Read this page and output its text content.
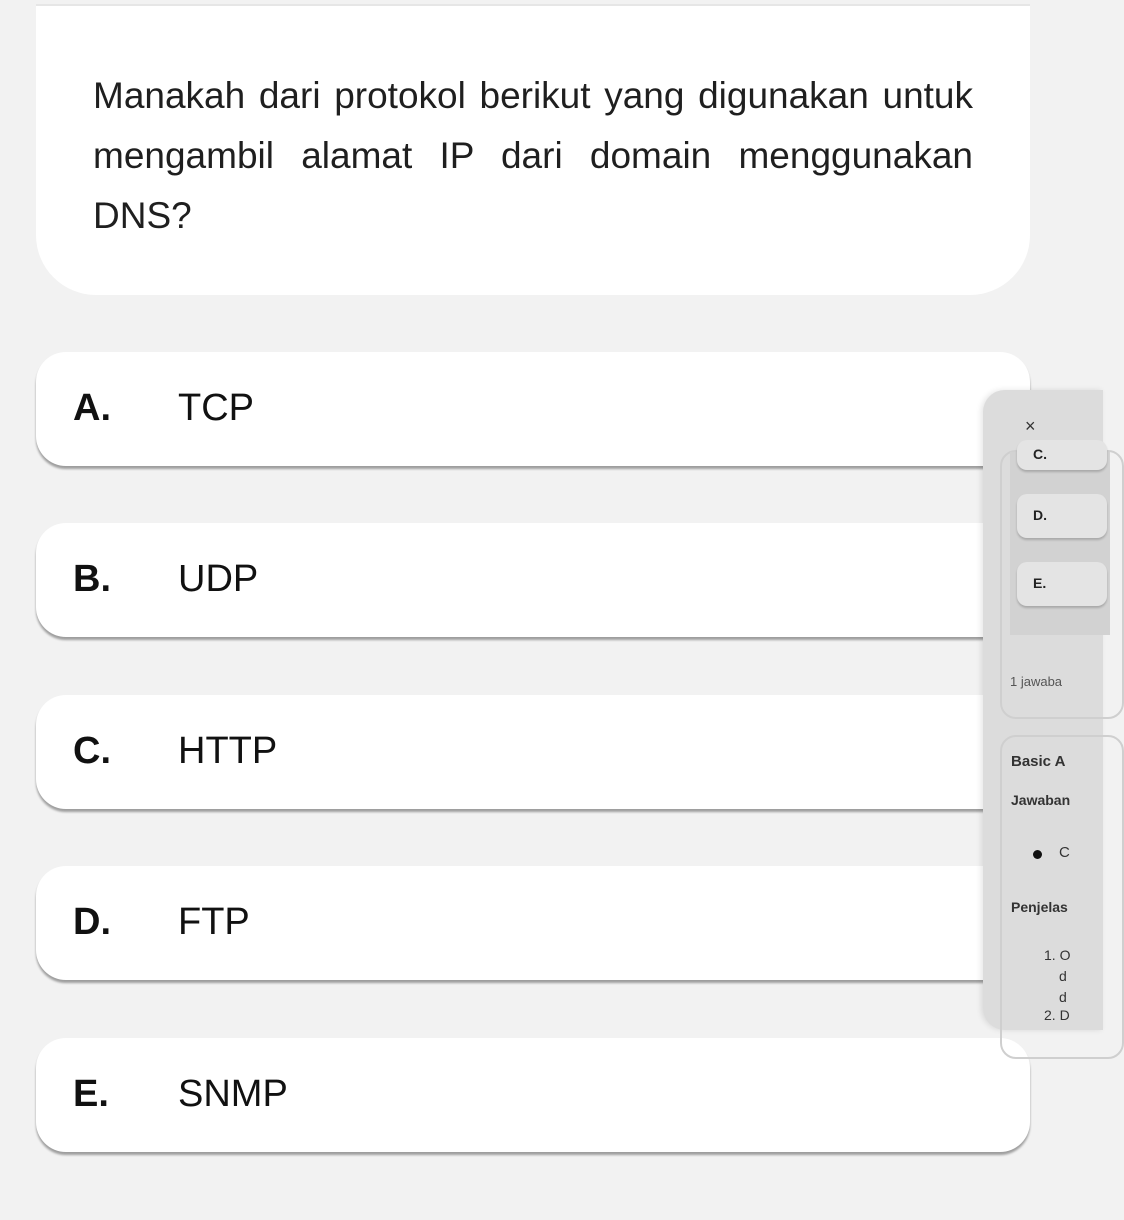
Manakah dari protokol berikut yang digunakan untuk mengambil alamat IP dari domain menggunakan DNS?
A. TCP
B. UDP
C. HTTP
D. FTP
E. SNMP
C.
D.
E.
×
1 jawaba
Basic A
Jawaban
C
Penjelas
1. O
d
d
2. D
